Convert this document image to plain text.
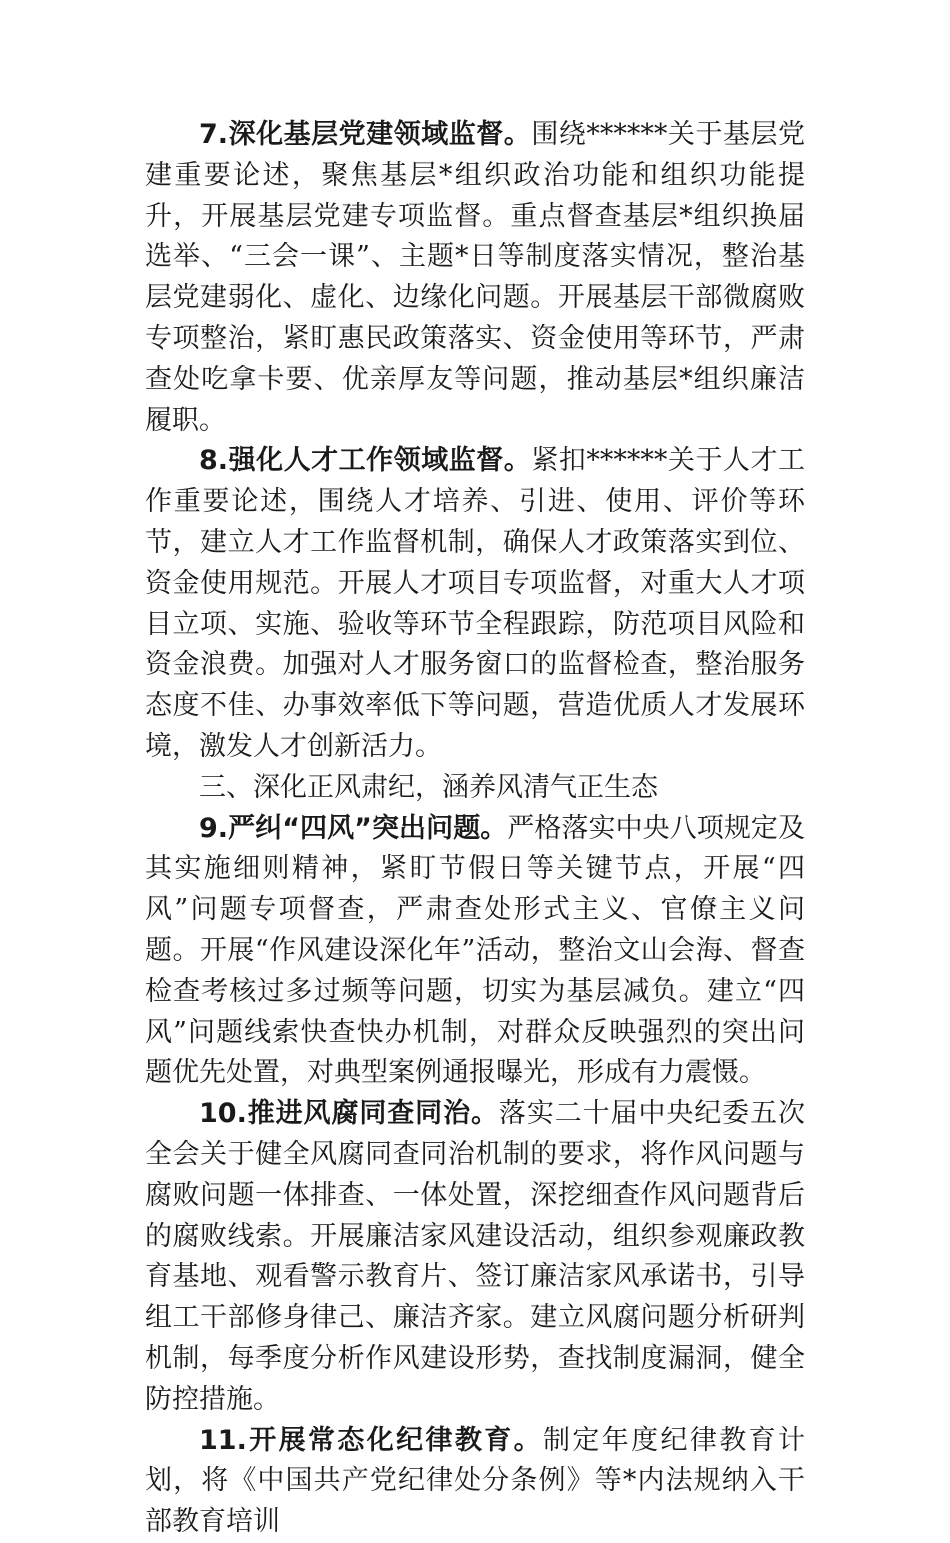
7.深化基层党建领域监督。围绕******关于基层党建重要论述，聚焦基层*组织政治功能和组织功能提升，开展基层党建专项监督。重点督查基层*组织换届选举、“三会一课”、主题*日等制度落实情况，整治基层党建弱化、虚化、边缘化问题。开展基层干部微腐败专项整治，紧盯惠民政策落实、资金使用等环节，严肃查处吃拿卡要、优亲厚友等问题，推动基层*组织廉洁履职。

8.强化人才工作领域监督。紧扣******关于人才工作重要论述，围绕人才培养、引进、使用、评价等环节，建立人才工作监督机制，确保人才政策落实到位、资金使用规范。开展人才项目专项监督，对重大人才项目立项、实施、验收等环节全程跟踪，防范项目风险和资金浪费。加强对人才服务窗口的监督检查，整治服务态度不佳、办事效率低下等问题，营造优质人才发展环境，激发人才创新活力。

三、深化正风肃纪，涵养风清气正生态

9.严纠“四风”突出问题。严格落实中央八项规定及其实施细则精神，紧盯节假日等关键节点，开展“四风”问题专项督查，严肃查处形式主义、官僚主义问题。开展“作风建设深化年”活动，整治文山会海、督查检查考核过多过频等问题，切实为基层减负。建立“四风”问题线索快查快办机制，对群众反映强烈的突出问题优先处置，对典型案例通报曝光，形成有力震慑。

10.推进风腐同查同治。落实二十届中央纪委五次全会关于健全风腐同查同治机制的要求，将作风问题与腐败问题一体排查、一体处置，深挖细查作风问题背后的腐败线索。开展廉洁家风建设活动，组织参观廉政教育基地、观看警示教育片、签订廉洁家风承诺书，引导组工干部修身律己、廉洁齐家。建立风腐问题分析研判机制，每季度分析作风建设形势，查找制度漏洞，健全防控措施。

11.开展常态化纪律教育。制定年度纪律教育计划，将《中国共产党纪律处分条例》等*内法规纳入干部教育培训
